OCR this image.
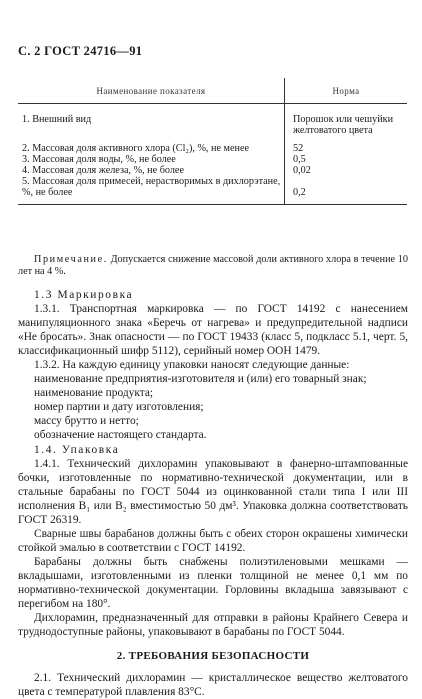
С. 2 ГОСТ 24716—91
Наименование показателя	Норма
1. Внешний вид	Порошок или чешуйки желтоватого цвета
2. Массовая доля активного хлора (Cl₂), %, не менее	52
3. Массовая доля воды, %, не более	0,5
4. Массовая доля железа, %, не более	0,02
5. Массовая доля примесей, нерастворимых в дихлорэтане, %, не более	0,2

Примечание. Допускается снижение массовой доли активного хлора в течение 10 лет на 4 %.

1.3 Маркировка

1.3.1. Транспортная маркировка — по ГОСТ 14192 с нанесением манипуляционного знака «Беречь от нагрева» и предупредительной надписи «Не бросать». Знак опасности — по ГОСТ 19433 (класс 5, подкласс 5.1, черт. 5, классификационный шифр 5112), серийный номер ООН 1479.

1.3.2. На каждую единицу упаковки наносят следующие данные:

наименование предприятия-изготовителя и (или) его товарный знак;

наименование продукта;

номер партии и дату изготовления;

массу брутто и нетто;

обозначение настоящего стандарта.

1.4. Упаковка

1.4.1. Технический дихлорамин упаковывают в фанерно-штампованные бочки, изготовленные по нормативно-технической документации, или в стальные барабаны по ГОСТ 5044 из оцинкованной стали типа I или III исполнения В₁ или В₂ вместимостью 50 дм³. Упаковка должна соответствовать ГОСТ 26319.

Сварные швы барабанов должны быть с обеих сторон окрашены химически стойкой эмалью в соответствии с ГОСТ 14192.

Барабаны должны быть снабжены полиэтиленовыми мешками — вкладышами, изготовленными из пленки толщиной не менее 0,1 мм по нормативно-технической документации. Горловины вкладыша завязывают с перегибом на 180°.

Дихлорамин, предназначенный для отправки в районы Крайнего Севера и труднодоступные районы, упаковывают в барабаны по ГОСТ 5044.

2. ТРЕБОВАНИЯ БЕЗОПАСНОСТИ

2.1. Технический дихлорамин — кристаллическое вещество желтоватого цвета с температурой плавления 83°С.
